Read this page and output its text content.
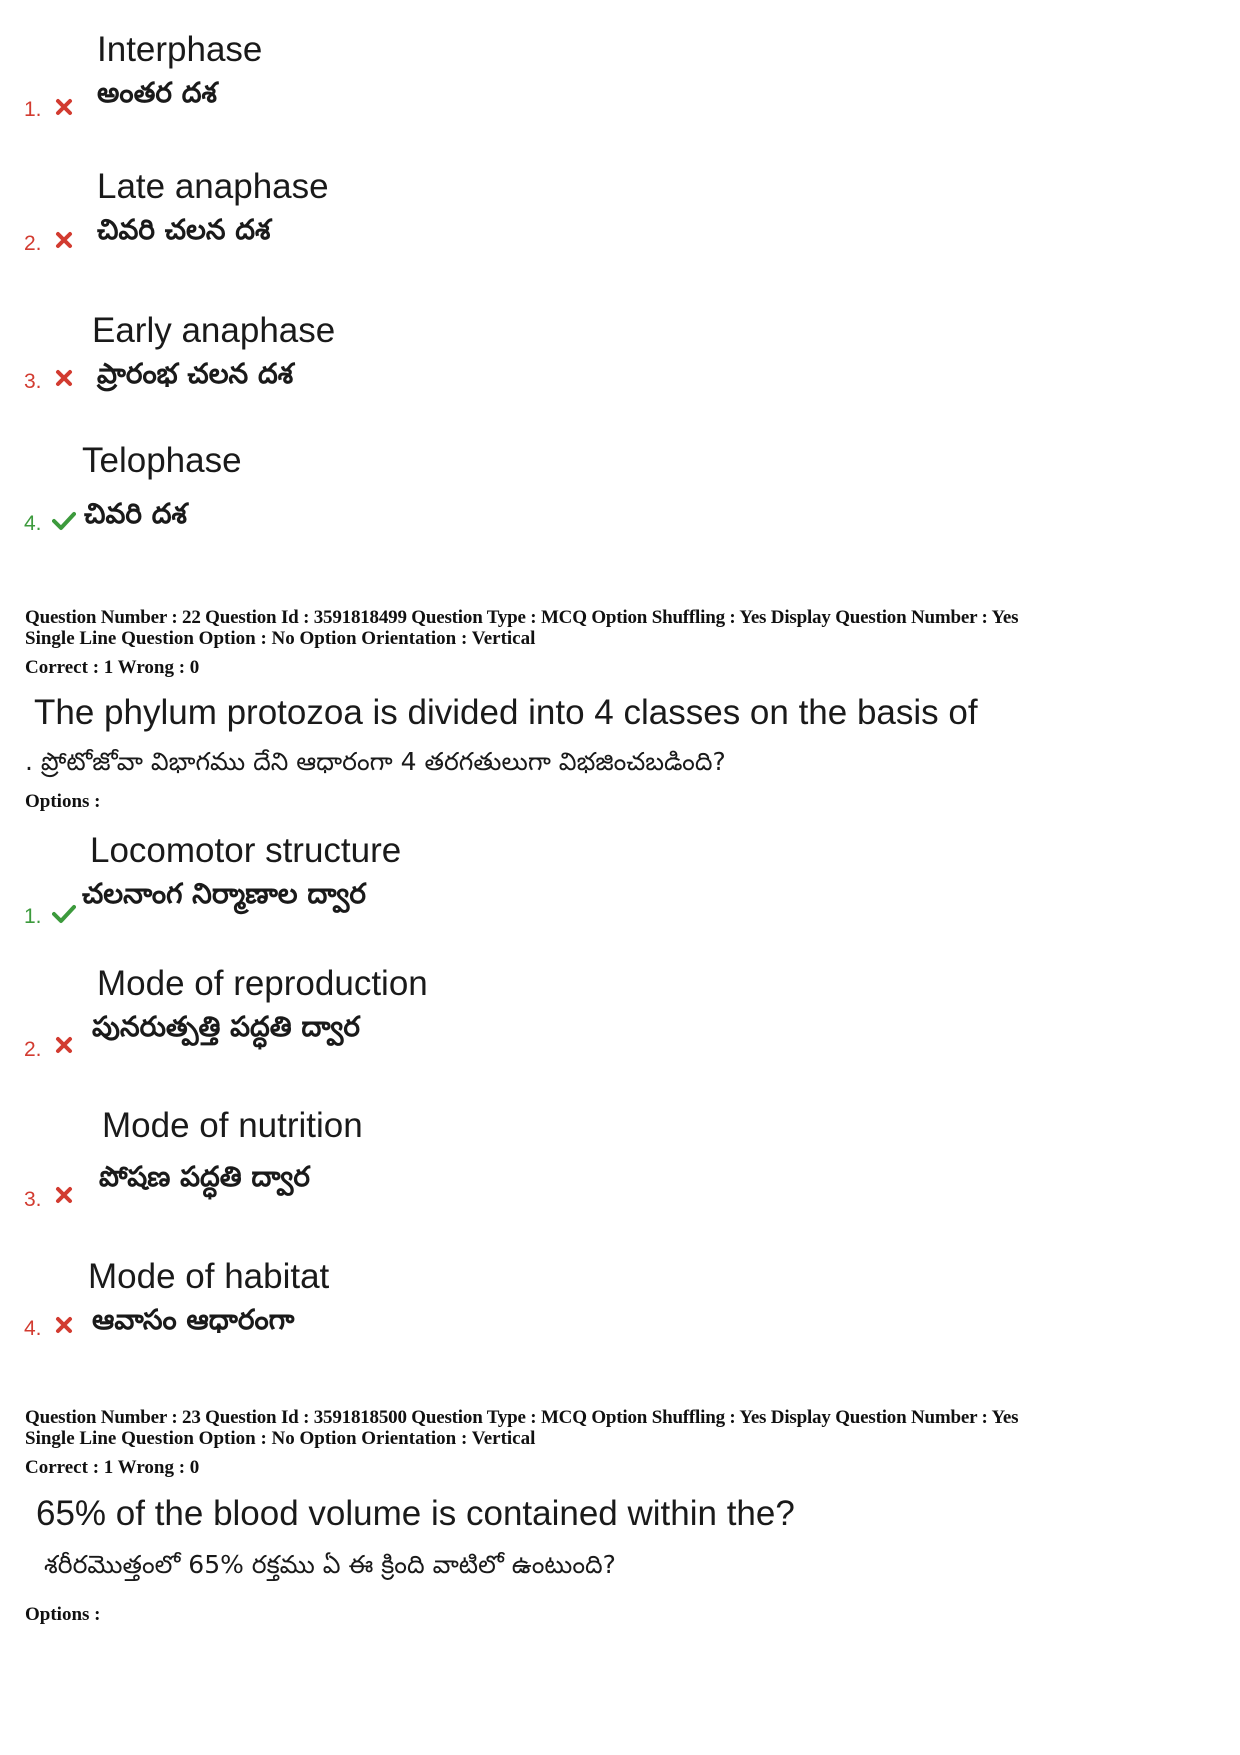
Interphase
అంతర దశ
1.
Late anaphase
చివరి చలన దశ
2.
Early anaphase
ప్రారంభ చలన దశ
3.
Telophase
చివరి దశ
4.
Question Number : 22 Question Id : 3591818499 Question Type : MCQ Option Shuffling : Yes Display Question Number : Yes
Single Line Question Option : No Option Orientation : Vertical
Correct : 1 Wrong : 0
The phylum protozoa is divided into 4 classes on the basis of
. ప్రోటోజోవా విభాగము దేని ఆధారంగా 4 తరగతులుగా విభజించబడింది?
Options :
Locomotor structure
చలనాంగ నిర్మాణాల ద్వార
1.
Mode of reproduction
పునరుత్పత్తి పద్ధతి ద్వార
2.
Mode of nutrition
పోషణ పద్ధతి ద్వార
3.
Mode of habitat
ఆవాసం ఆధారంగా
4.
Question Number : 23 Question Id : 3591818500 Question Type : MCQ Option Shuffling : Yes Display Question Number : Yes
Single Line Question Option : No Option Orientation : Vertical
Correct : 1 Wrong : 0
65% of the blood volume is contained within the?
శరీరమొత్తంలో 65% రక్తము ఏ ఈ క్రింది వాటిలో ఉంటుంది?
Options :
